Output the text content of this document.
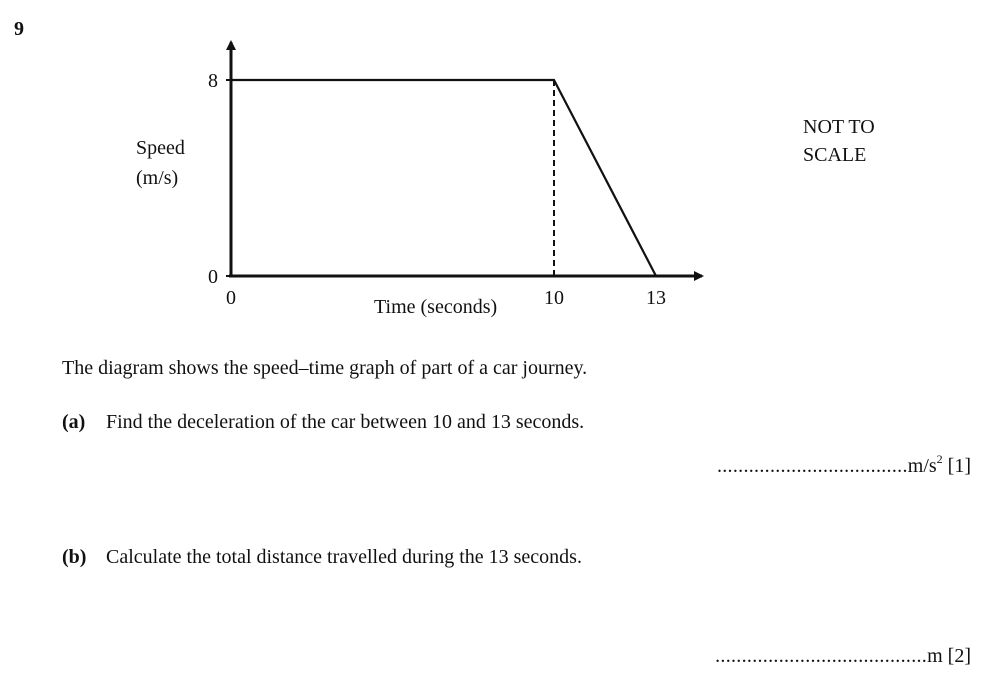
9
0
8
0	10	13
Speed
(m/s)
Time (seconds)
NOT TO
SCALE
The diagram shows the speed–time graph of part of a car journey.
(a) Find the deceleration of the car between 10 and 13 seconds.
$....................................m/s^2$ [1]
(b) Calculate the total distance travelled during the 13 seconds.
........................................m [2]
